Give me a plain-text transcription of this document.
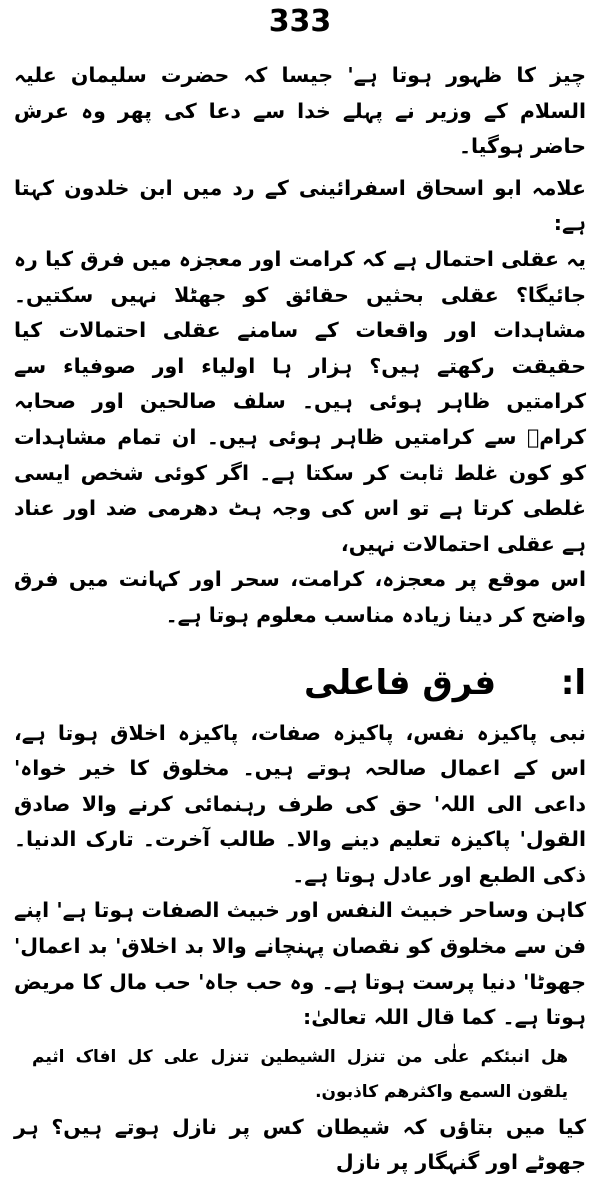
333

چیز کا ظہور ہوتا ہے' جیسا کہ حضرت سلیمان علیہ السلام کے وزیر نے پہلے خدا سے دعا کی پھر وہ عرش حاضر ہوگیا۔

علامہ ابو اسحاق اسفرائینی کے رد میں ابن خلدون کہتا ہے:

یہ عقلی احتمال ہے کہ کرامت اور معجزہ میں فرق کیا رہ جائیگا؟ عقلی بحثیں حقائق کو جھٹلا نہیں سکتیں۔ مشاہدات اور واقعات کے سامنے عقلی احتمالات کیا حقیقت رکھتے ہیں؟ ہزار ہا اولیاء اور صوفیاء سے کرامتیں ظاہر ہوئی ہیں۔ سلف صالحین اور صحابہ کرامؓ سے کرامتیں ظاہر ہوئی ہیں۔ ان تمام مشاہدات کو کون غلط ثابت کر سکتا ہے۔ اگر کوئی شخص ایسی غلطی کرتا ہے تو اس کی وجہ ہٹ دھرمی ضد اور عناد ہے عقلی احتمالات نہیں،

اس موقع پر معجزہ، کرامت، سحر اور کہانت میں فرق واضح کر دینا زیادہ مناسب معلوم ہوتا ہے۔

ا: فرق فاعلی

نبی پاکیزہ نفس، پاکیزہ صفات، پاکیزہ اخلاق ہوتا ہے، اس کے اعمال صالحہ ہوتے ہیں۔ مخلوق کا خیر خواہ' داعی الی اللہ' حق کی طرف رہنمائی کرنے والا صادق القول' پاکیزہ تعلیم دینے والا۔ طالب آخرت۔ تارک الدنیا۔ ذکی الطبع اور عادل ہوتا ہے۔

کاہن وساحر خبیث النفس اور خبیث الصفات ہوتا ہے' اپنے فن سے مخلوق کو نقصان پہنچانے والا بد اخلاق' بد اعمال' جھوٹا' دنیا پرست ہوتا ہے۔ وہ حب جاہ' حب مال کا مریض ہوتا ہے۔ کما قال اللہ تعالیٰ:

ھل انبئکم علٰی من تنزل الشیطین تنزل علی کل افاک اثیم یلقون السمع واکثرھم کاذبون.

کیا میں بتاؤں کہ شیطان کس پر نازل ہوتے ہیں؟ ہر جھوٹے اور گنہگار پر نازل
